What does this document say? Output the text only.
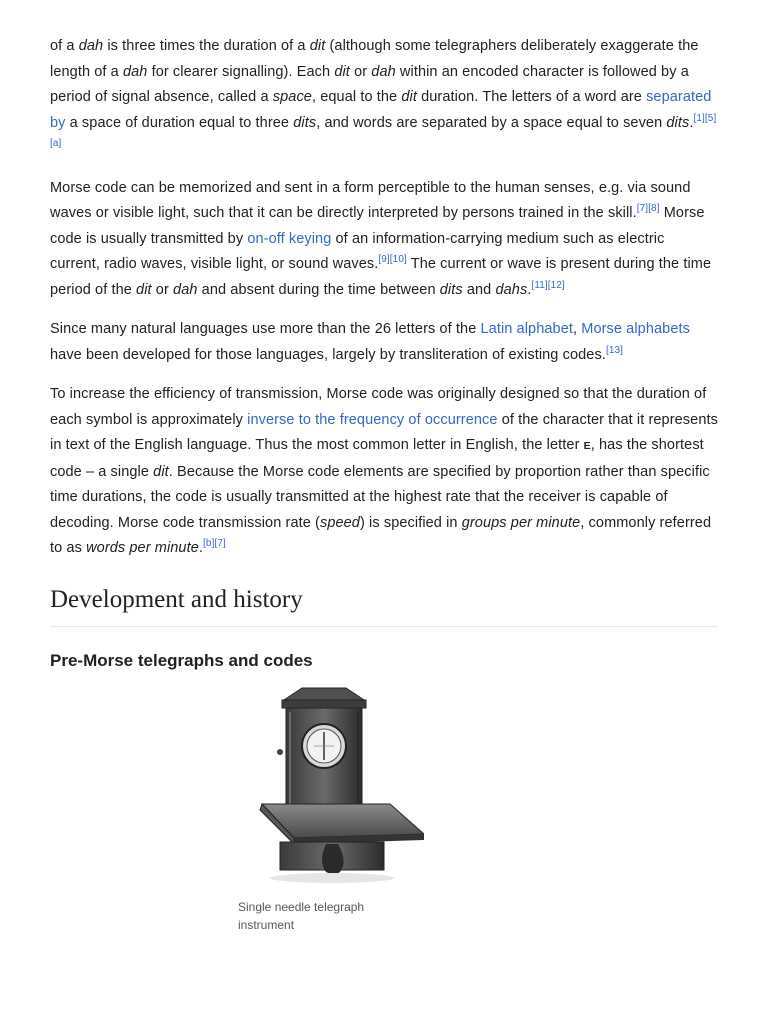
of a dah is three times the duration of a dit (although some telegraphers deliberately exaggerate the length of a dah for clearer signalling). Each dit or dah within an encoded character is followed by a period of signal absence, called a space, equal to the dit duration. The letters of a word are separated by a space of duration equal to three dits, and words are separated by a space equal to seven dits.[1][5][a]

Morse code can be memorized and sent in a form perceptible to the human senses, e.g. via sound waves or visible light, such that it can be directly interpreted by persons trained in the skill.[7][8] Morse code is usually transmitted by on-off keying of an information-carrying medium such as electric current, radio waves, visible light, or sound waves.[9][10] The current or wave is present during the time period of the dit or dah and absent during the time between dits and dahs.[11][12]

Since many natural languages use more than the 26 letters of the Latin alphabet, Morse alphabets have been developed for those languages, largely by transliteration of existing codes.[13]

To increase the efficiency of transmission, Morse code was originally designed so that the duration of each symbol is approximately inverse to the frequency of occurrence of the character that it represents in text of the English language. Thus the most common letter in English, the letter E, has the shortest code – a single dit. Because the Morse code elements are specified by proportion rather than specific time durations, the code is usually transmitted at the highest rate that the receiver is capable of decoding. Morse code transmission rate (speed) is specified in groups per minute, commonly referred to as words per minute.[b][7]

Development and history
Pre-Morse telegraphs and codes
Single needle telegraph instrument
